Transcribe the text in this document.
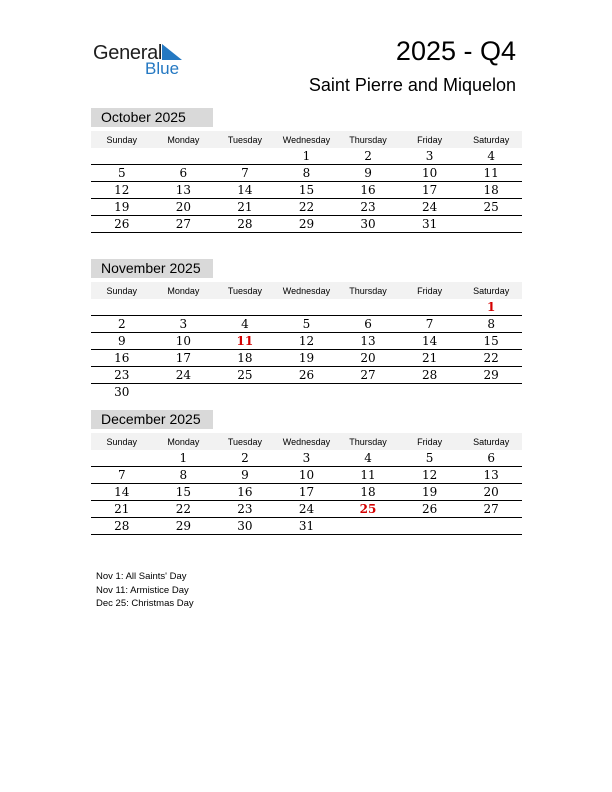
General
Blue
2025 - Q4
Saint Pierre and Miquelon
October 2025
Sunday	Monday	Tuesday	Wednesday	Thursday	Friday	Saturday
			1	2	3	4
5	6	7	8	9	10	11
12	13	14	15	16	17	18
19	20	21	22	23	24	25
26	27	28	29	30	31	
November 2025
Sunday	Monday	Tuesday	Wednesday	Thursday	Friday	Saturday
						1
2	3	4	5	6	7	8
9	10	11	12	13	14	15
16	17	18	19	20	21	22
23	24	25	26	27	28	29
30						
December 2025
Sunday	Monday	Tuesday	Wednesday	Thursday	Friday	Saturday
	1	2	3	4	5	6
7	8	9	10	11	12	13
14	15	16	17	18	19	20
21	22	23	24	25	26	27
28	29	30	31			
Nov 1: All Saints' Day
Nov 11: Armistice Day
Dec 25: Christmas Day
